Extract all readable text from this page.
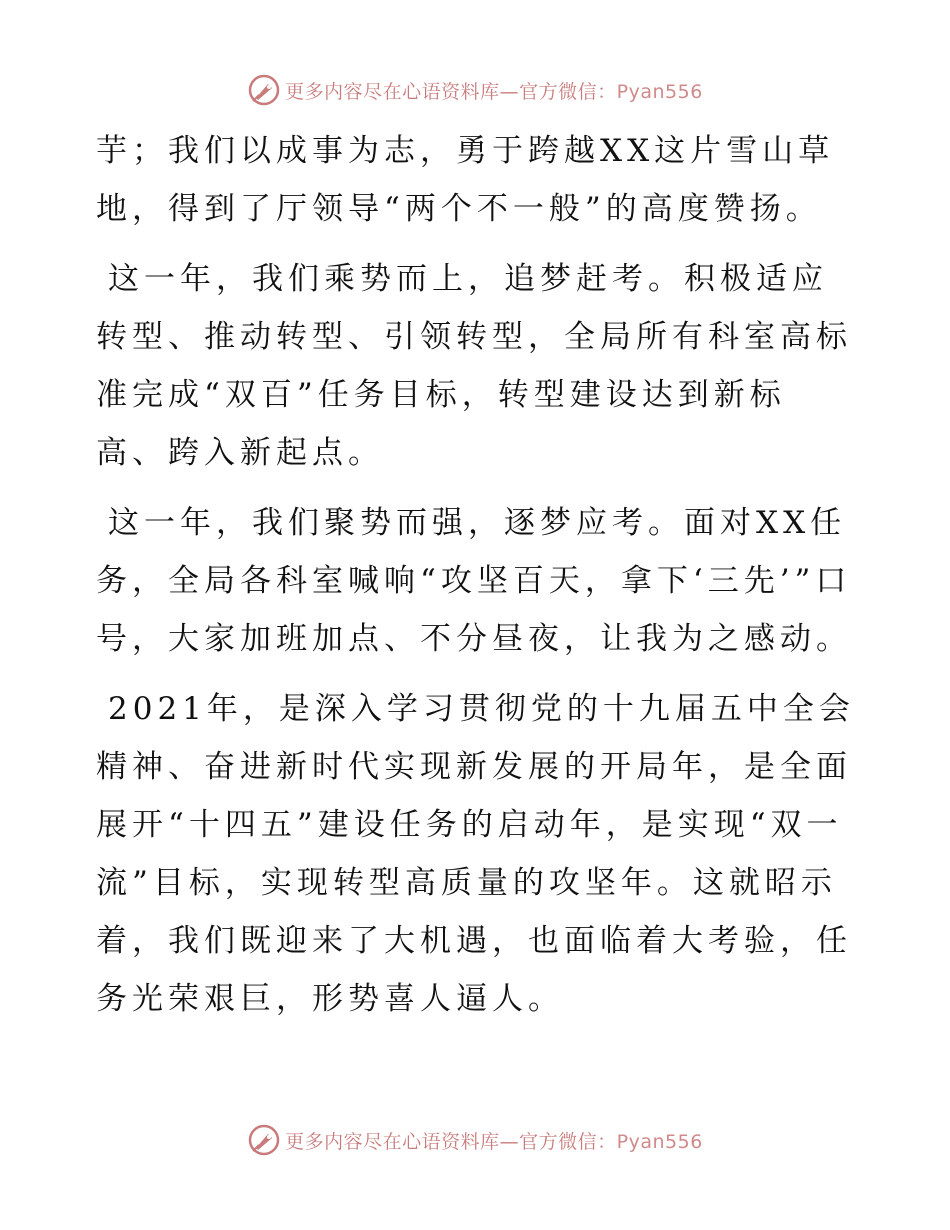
更多内容尽在心语资料库—官方微信：Pyan556

芋；我们以成事为志，勇于跨越XX这片雪山草地，得到了厅领导“两个不一般”的高度赞扬。

这一年，我们乘势而上，追梦赶考。积极适应转型、推动转型、引领转型，全局所有科室高标准完成“双百”任务目标，转型建设达到新标高、跨入新起点。

这一年，我们聚势而强，逐梦应考。面对XX任务，全局各科室喊响“攻坚百天，拿下‘三先’”口号，大家加班加点、不分昼夜，让我为之感动。

2021年，是深入学习贯彻党的十九届五中全会精神、奋进新时代实现新发展的开局年，是全面展开“十四五”建设任务的启动年，是实现“双一流”目标，实现转型高质量的攻坚年。这就昭示着，我们既迎来了大机遇，也面临着大考验，任务光荣艰巨，形势喜人逼人。

更多内容尽在心语资料库—官方微信：Pyan556
